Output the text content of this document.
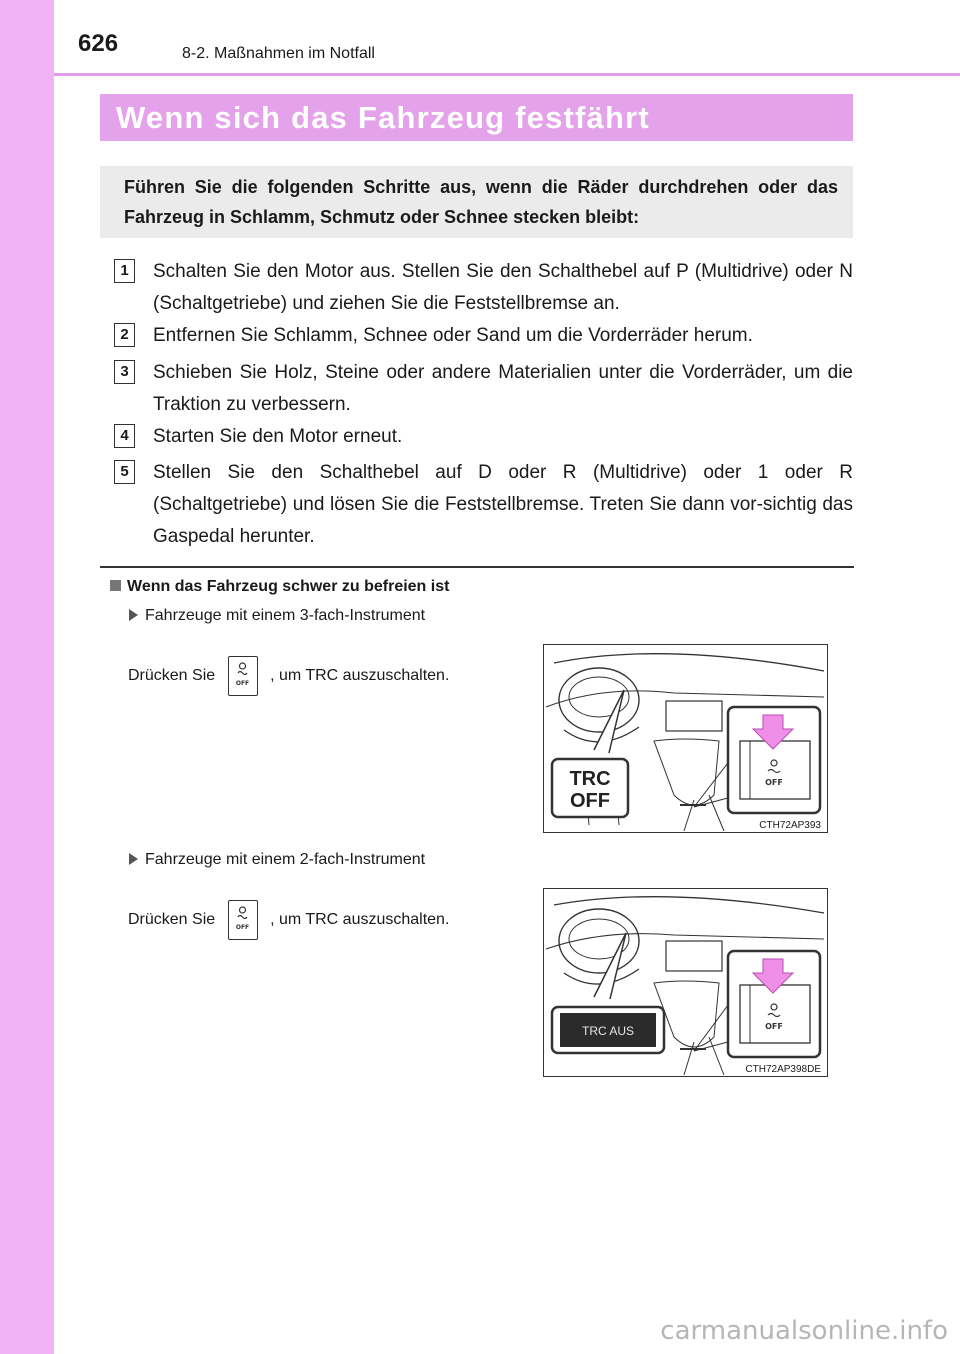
626	8-2. Maßnahmen im Notfall
Wenn sich das Fahrzeug festfährt
Führen Sie die folgenden Schritte aus, wenn die Räder durchdrehen oder das Fahrzeug in Schlamm, Schmutz oder Schnee stecken bleibt:
1	Schalten Sie den Motor aus. Stellen Sie den Schalthebel auf P (Multidrive) oder N (Schaltgetriebe) und ziehen Sie die Feststellbremse an.
2	Entfernen Sie Schlamm, Schnee oder Sand um die Vorderräder herum.
3	Schieben Sie Holz, Steine oder andere Materialien unter die Vorderräder, um die Traktion zu verbessern.
4	Starten Sie den Motor erneut.
5	Stellen Sie den Schalthebel auf D oder R (Multidrive) oder 1 oder R (Schaltgetriebe) und lösen Sie die Feststellbremse. Treten Sie dann vor-sichtig das Gaspedal herunter.
Wenn das Fahrzeug schwer zu befreien ist
Fahrzeuge mit einem 3-fach-Instrument
Drücken Sie	OFF , um TRC auszuschalten.
TRC
OFF
OFF
CTH72AP393
Fahrzeuge mit einem 2-fach-Instrument
Drücken Sie	OFF , um TRC auszuschalten.
TRC AUS	OFF
CTH72AP398DE
carmanualsonline.info
